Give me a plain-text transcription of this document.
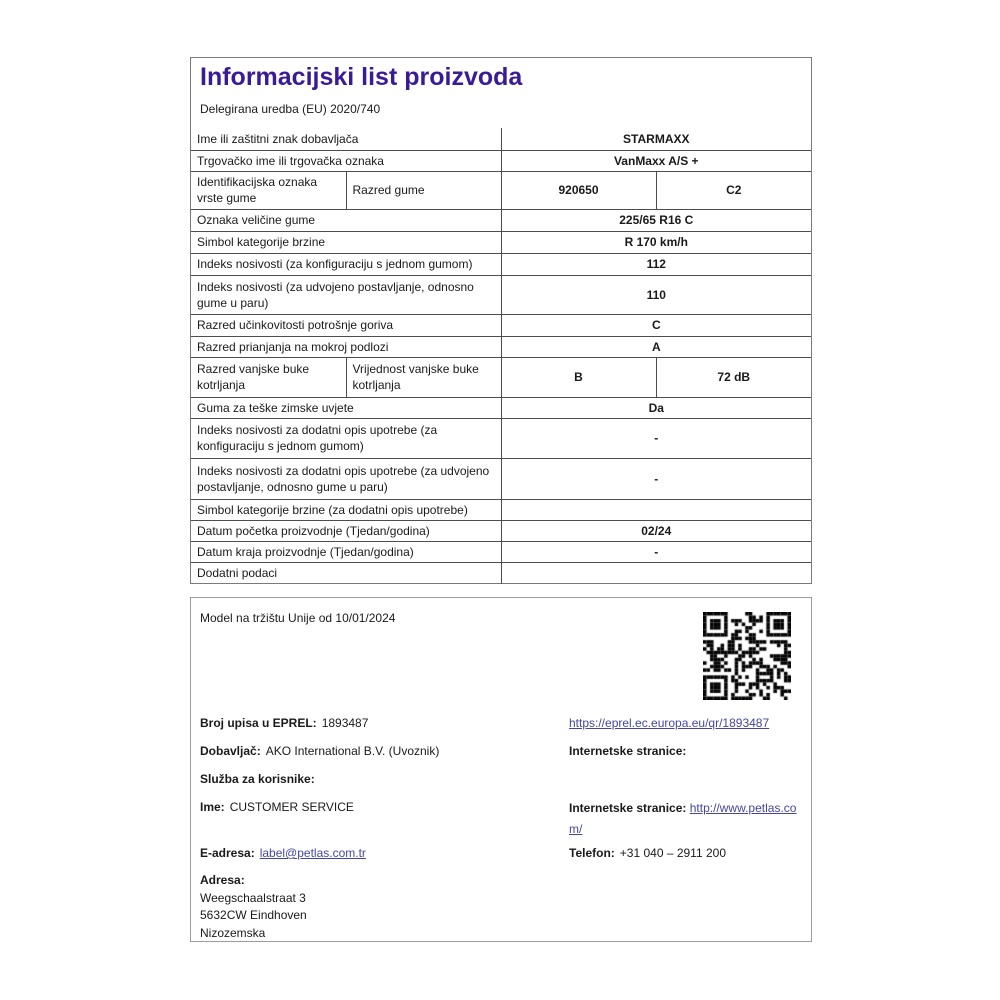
Informacijski list proizvoda
Delegirana uredba (EU) 2020/740
Ime ili zaštitni znak dobavljača		STARMAXX	
Trgovačko ime ili trgovačka oznaka		VanMaxx A/S +	
Identifikacijska oznaka vrste gume	Razred gume	920650	C2
Oznaka veličine gume		225/65 R16 C	
Simbol kategorije brzine		R 170 km/h	
Indeks nosivosti (za konfiguraciju s jednom gumom)		112	
Indeks nosivosti (za udvojeno postavljanje, odnosno gume u paru)		110	
Razred učinkovitosti potrošnje goriva		C	
Razred prianjanja na mokroj podlozi		A	
Razred vanjske buke kotrljanja	Vrijednost vanjske buke kotrljanja	B	72 dB
Guma za teške zimske uvjete		Da	
Indeks nosivosti za dodatni opis upotrebe (za konfiguraciju s jednom gumom)		-	
Indeks nosivosti za dodatni opis upotrebe (za udvojeno postavljanje, odnosno gume u paru)		-	
Simbol kategorije brzine (za dodatni opis upotrebe)			
Datum početka proizvodnje (Tjedan/godina)		02/24	
Datum kraja proizvodnje (Tjedan/godina)		-	
Dodatni podaci			
Model na tržištu Unije od 10/01/2024
Broj upisa u EPREL: 1893487
Dobavljač: AKO International B.V. (Uvoznik)
Služba za korisnike:
Ime: CUSTOMER SERVICE
E-adresa: label@petlas.com.tr
Adresa:
Weegschaalstraat 3
5632CW Eindhoven
Nizozemska
https://eprel.ec.europa.eu/qr/1893487
Internetske stranice:
Internetske stranice: http://www.petlas.com/
Telefon: +31 040 – 2911 200
